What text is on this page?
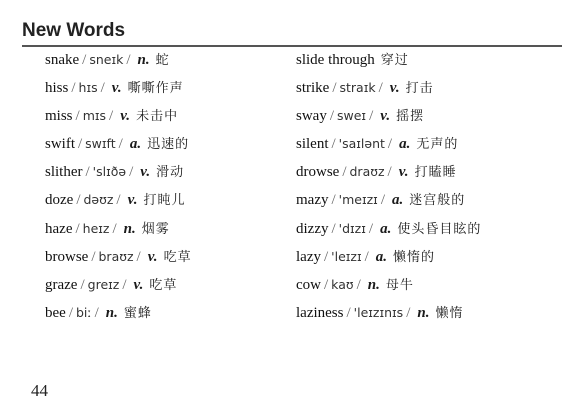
New Words
snake / sneɪk / n. 蛇
hiss / hɪs / v. 嘶嘶作声
miss / mɪs / v. 未击中
swift / swɪft / a. 迅速的
slither / 'slɪðə / v. 滑动
doze / dəʊz / v. 打盹儿
haze / heɪz / n. 烟雾
browse / braʊz / v. 吃草
graze / greɪz / v. 吃草
bee / biː / n. 蜜蜂
slide through 穿过
strike / straɪk / v. 打击
sway / sweɪ / v. 摇摆
silent / 'saɪlənt / a. 无声的
drowse / draʊz / v. 打瞌睡
mazy / 'meɪzɪ / a. 迷宫般的
dizzy / 'dɪzɪ / a. 使头昏目眩的
lazy / 'leɪzɪ / a. 懒惰的
cow / kaʊ / n. 母牛
laziness / 'leɪzɪnɪs / n. 懒惰
44
